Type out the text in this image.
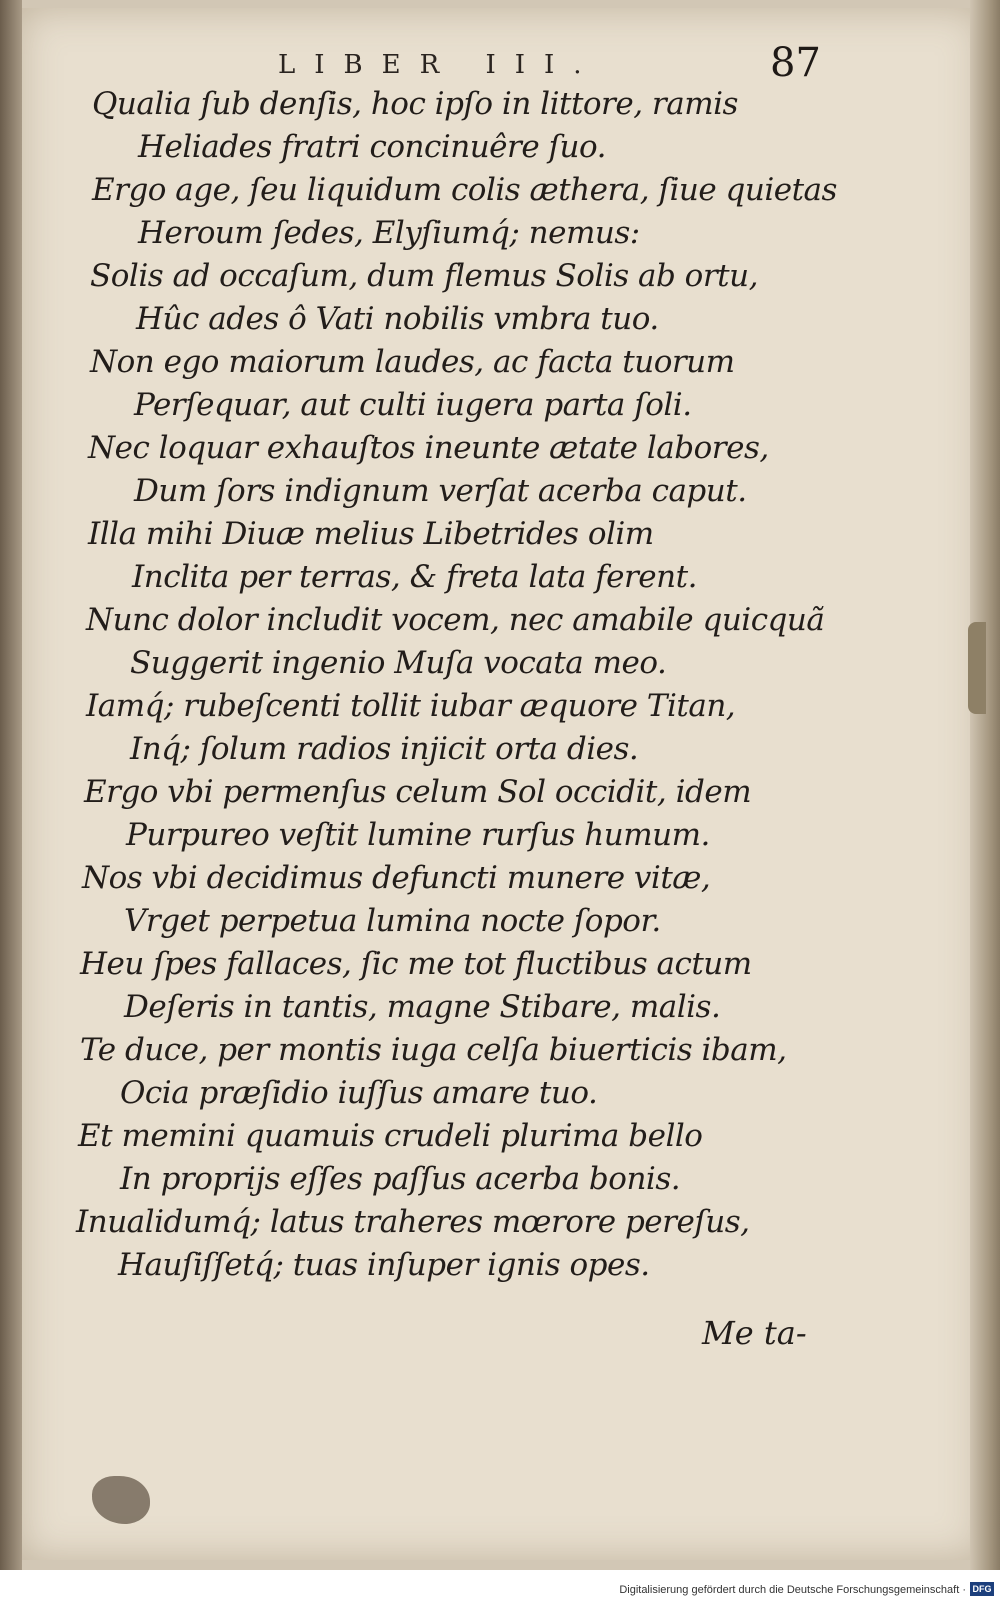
LIBER III.	87
Qualia ſub denſis, hoc ipſo in littore, ramis
Heliades fratri concinuêre ſuo.
Ergo age, ſeu liquidum colis æthera, ſiue quietas
Heroum ſedes, Elyſiumq́; nemus:
Solis ad occaſum, dum flemus Solis ab ortu,
Hûc ades ô Vati nobilis vmbra tuo.
Non ego maiorum laudes, ac facta tuorum
Perſequar, aut culti iugera parta ſoli.
Nec loquar exhauſtos ineunte ætate labores,
Dum ſors indignum verſat acerba caput.
Illa mihi Diuæ melius Libetrides olim
Inclita per terras, & freta lata ferent.
Nunc dolor includit vocem, nec amabile quicquã
Suggerit ingenio Muſa vocata meo.
Iamq́; rubeſcenti tollit iubar æquore Titan,
Inq́; ſolum radios injicit orta dies.
Ergo vbi permenſus celum Sol occidit, idem
Purpureo veſtit lumine rurſus humum.
Nos vbi decidimus defuncti munere vitæ,
Vrget perpetua lumina nocte ſopor.
Heu ſpes fallaces, ſic me tot fluctibus actum
Deſeris in tantis, magne Stibare, malis.
Te duce, per montis iuga celſa biuerticis ibam,
Ocia præſidio iuſſus amare tuo.
Et memini quamuis crudeli plurima bello
In proprijs eſſes paſſus acerba bonis.
Inualidumq́; latus traheres mœrore pereſus,
Hauſiſſetq́; tuas inſuper ignis opes.
Me ta-
Digitalisierung gefördert durch die Deutsche Forschungsgemeinschaft · DFG
